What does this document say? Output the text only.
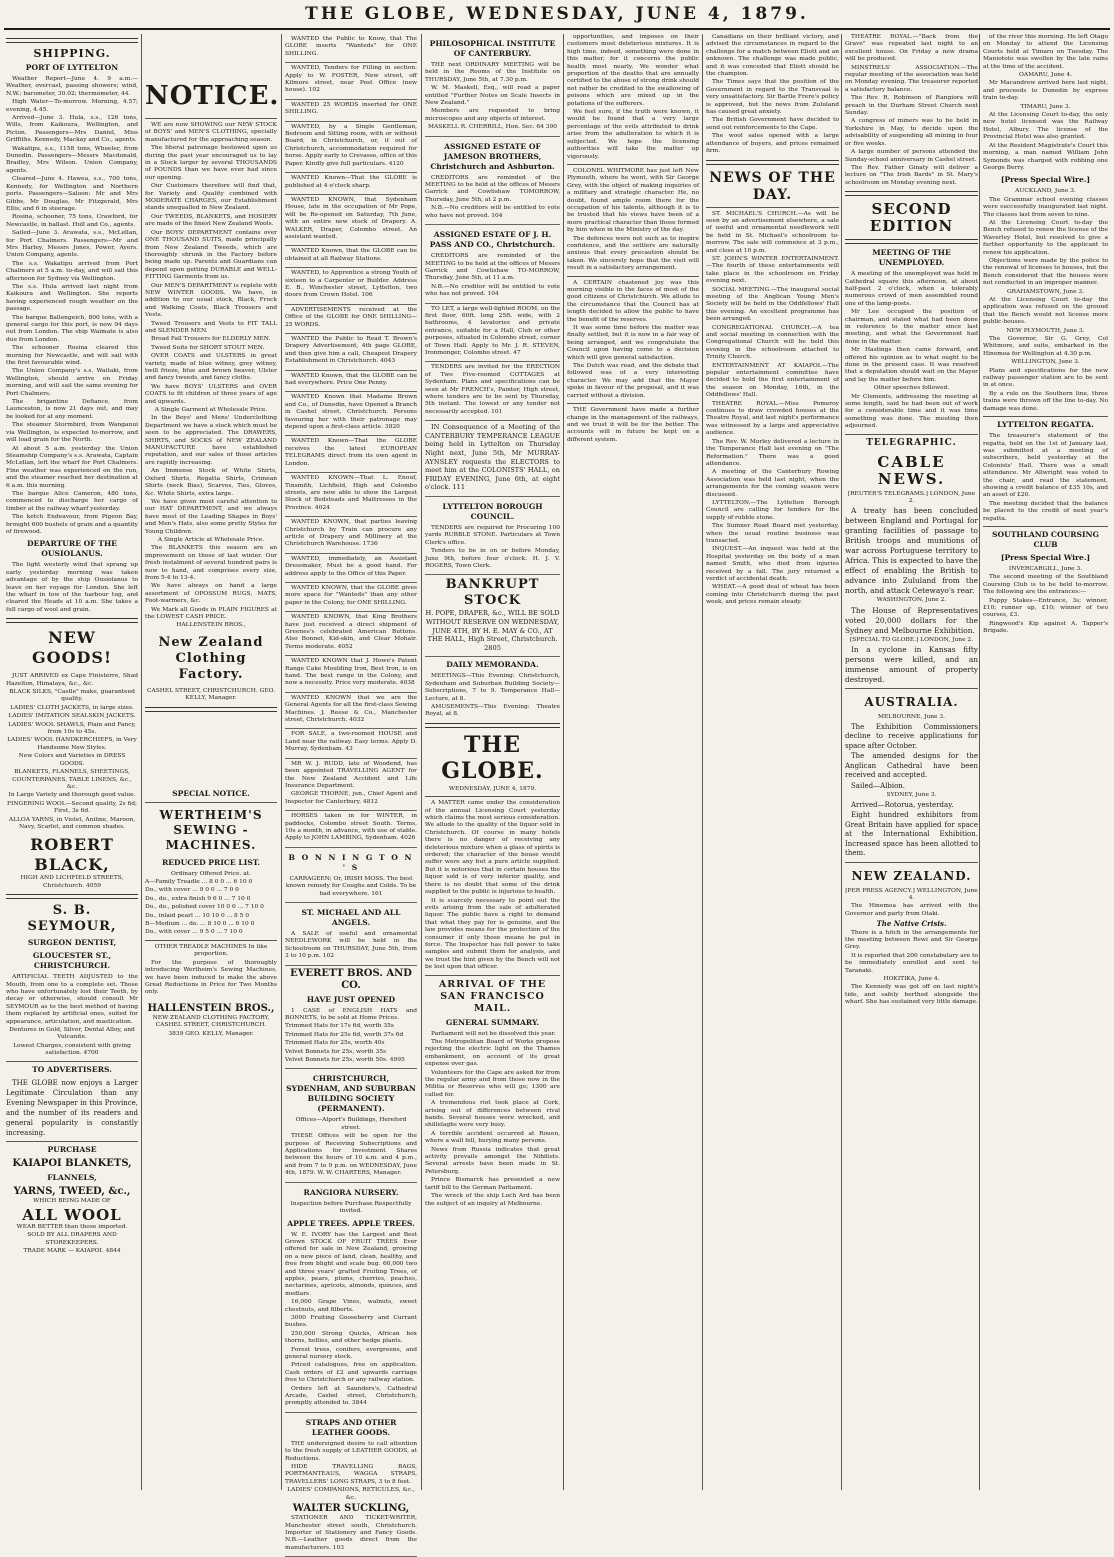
THE GLOBE, WEDNESDAY, JUNE 4, 1879.
SHIPPING.
PORT OF LYTTELTON

Weather Report—June 4. 9 a.m.—Weather, overcast, passing showers; wind, N.W.; barometer, 30.02; thermometer, 44.

High Water—To-morrow. Morning, 4.57; evening, 4.45.

Arrived—June 3. Hula, s.s., 126 tons, Wills, from Kaikoura, Wellington, and Picton. Passengers—Mrs Daniel, Miss Griffiths. Kennedy, Mackay and Co., agents.

Wakatipu, s.s., 1158 tons, Wheeler, from Dunedin. Passengers—Messrs Macdonald, Bradley, Mrs Wilson. Union Company, agents.

Cleared—June 4. Hawea, s.s., 700 tons, Kennedy, for Wellington and Northern ports. Passengers—Saloon: Mr and Mrs Gibbs, Mr Douglas, Mr Fitzgerald, Mrs Ellis; and 6 in steerage.

Rosina, schooner, 75 tons, Crawford, for Newcastle, in ballast. Hull and Co., agents.

Sailed—June 3. Arawata, s.s., McLellan, for Port Chalmers. Passengers—Mr and Mrs Harley, Messrs Jones, Power, Ayers. Union Company, agents.

The s.s. Wakatipu arrived from Port Chalmers at 5 a.m. to-day, and will sail this afternoon for Sydney via Wellington.

The s.s. Hula arrived last night from Kaikoura and Wellington. She reports having experienced rough weather on the passage.

The barque Ballengeich, 800 tons, with a general cargo for this port, is now 94 days out from London. The ship Waimate is also due from London.

The schooner Rosina cleared this morning for Newcastle, and will sail with the first favourable wind.

The Union Company's s.s. Waitaki, from Wellington, should arrive on Friday morning, and will sail the same evening for Port Chalmers.

The brigantine Defiance, from Launceston, is now 21 days out, and may be looked for at any moment.

The steamer Stormbird, from Wanganui via Wellington, is expected to-morrow, and will load grain for the North.

At about 5 a.m. yesterday the Union Steamship Company's s.s. Arawata, Captain McLellan, left the wharf for Port Chalmers. Fine weather was experienced on the run, and the steamer reached her destination at 6 a.m. this morning.

The barque Alice Cameron, 480 tons, commenced to discharge her cargo of timber at the railway wharf yesterday.

The ketch Endeavour, from Pigeon Bay, brought 600 bushels of grain and a quantity of firewood.

DEPARTURE OF THE OUSIOLANUS.

The light westerly wind that sprang up early yesterday morning was taken advantage of by the ship Ousiolanus to leave on her voyage for London. She left the wharf in tow of the harbour tug, and cleared the Heads at 10 a.m. She takes a full cargo of wool and grain.

NEW GOODS!

JUST ARRIVED ex Cape Finisterre, Shad Hazelton, Himalaya, &c., &c.

BLACK SILKS, "Castle" make, guaranteed quality.

LADIES' CLOTH JACKETS, in large sizes.

LADIES' IMITATION SEALSKIN JACKETS.

LADIES' WOOL SHAWLS, Plain and Fancy, from 10s to 45s.

LADIES' WOOL HANDKERCHIEFS, in Very Handsome New Styles.

New Colors and Varieties in DRESS GOODS.

BLANKETS, FLANNELS, SHEETINGS, COUNTERPANES, TABLE LINENS, &c., &c.

In Large Variety and thorough good value.

FINGERING WOOL—Second quality, 2s 6d; First, 3s 6d.

ALLOA YARNS, in Violet, Aniline, Maroon, Navy, Scarlet, and common shades.

ROBERT BLACK,

HIGH AND LICHFIELD STREETS, Christchurch. 4059

S. B. SEYMOUR,
SURGEON DENTIST,
GLOUCESTER ST., CHRISTCHURCH.

ARTIFICIAL TEETH ADJUSTED to the Mouth, from one to a complete set. Those who have unfortunately lost their Teeth, by decay or otherwise, should consult Mr SEYMOUR as to the best method of having them replaced by artificial ones, suited for appearance, articulation, and mastication.

Dentures in Gold, Silver, Dental Alloy, and Vulcanite.

Lowest Charges, consistent with giving satisfaction. 4700

TO ADVERTISERS.

THE GLOBE now enjoys a Larger Legitimate Circulation than any Evening Newspaper in this Province, and the number of its readers and general popularity is constantly increasing.

PURCHASE
KAIAPOI BLANKETS,
FLANNELS,
YARNS, TWEED, &c.,

WHICH BEING MADE OF

ALL WOOL

WEAR BETTER than those imported.

SOLD BY ALL DRAPERS AND STOREKEEPERS.

TRADE MARK — KAIAPOI. 4844

NOTICE.

WE are now SHOWING our NEW STOCK of BOYS' and MEN'S CLOTHING, specially manufactured for the approaching season.

The liberal patronage bestowed upon us during the past year encouraged us to lay in a Stock larger by several THOUSANDS of POUNDS than we have ever had since our opening.

Our Customers therefore will find that, for Variety and Quality combined with MODERATE CHARGES, our Establishment stands unequalled in New Zealand.

Our TWEEDS, BLANKETS, and HOSIERY are made of the finest New Zealand Wools.

Our BOYS' DEPARTMENT contains over ONE THOUSAND SUITS, made principally from New Zealand Tweeds, which are thoroughly shrunk in the Factory before being made up. Parents and Guardians can depend upon getting DURABLE and WELL-FITTING Garments from us.

Our MEN'S DEPARTMENT is replete with NEW WINTER GOODS. We have, in addition to our usual stock, Black, Frock and Walking Coats, Black Trousers and Vests.

Tweed Trousers and Vests to FIT TALL and SLENDER MEN.

Broad Fall Trousers for ELDERLY MEN.

Tweed Suits for SHORT STOUT MEN.

OVER COATS and ULSTERS in great variety, made of blue witney, grey witney, twill frieze, blue and brown beaver, Ulster and fancy tweeds, and fancy cloths.

We have BOYS' ULSTERS and OVER COATS to fit children of three years of age and upwards.

A Single Garment at Wholesale Price.

In the Boys' and Mens' Underclothing Department we have a stock which must be seen to be appreciated. The DRAWERS, SHIRTS, and SOCKS of NEW ZEALAND MANUFACTURE have established reputation, and our sales of those articles are rapidly increasing.

An Immense Stock of White Shirts, Oxford Shirts, Regatta Shirts, Crimean Shirts (neck Bias), Scarves, Ties, Gloves, &c. White Shirts, extra large.

We have given most careful attention to our HAT DEPARTMENT, and we always have most of the Leading Shapes in Boys' and Men's Hats, also some pretty Styles for Young Children.

A Single Article at Wholesale Price.

The BLANKETS this season are an improvement on those of last winter. Our fresh instalment of several hundred pairs is now to hand, and comprises every size, from 5-4 to 13-4.

We have always on hand a large assortment of OPOSSUM RUGS, MATS, Foot-warmers, &c.

We Mark all Goods in PLAIN FIGURES at the LOWEST CASH PRICE.

HALLENSTEIN BROS.,

New Zealand Clothing Factory.

CASHEL STREET, CHRISTCHURCH. GEO. KELLY, Manager.

SPECIAL NOTICE.
WERTHEIM'S SEWING - MACHINES.
REDUCED PRICE LIST.

Ordinary Offered Price. at.

A—Family Treadle ... 8 0 0 ... 6 10 0

Do., with cover ... 9 0 0 ... 7 0 0

Do., do., extra finish 9 6 0 ... 7 10 0

Do., do., polished cover 10 0 0 ... 7 10 0

Do., inlaid pearl ... 10 10 0 ... 8 5 0

B—Medium ... do. ... 8 10 0 ... 6 10 0

Do., with cover ... 9 5 0 ... 7 10 0

OTHER TREADLE MACHINES In like proportion.

For the purpose of thoroughly introducing Wertheim's Sewing Machines, we have been induced to make the above Great Reductions in Price for Two Months only.

HALLENSTEIN BROS.,

NEW ZEALAND CLOTHING FACTORY, CASHEL STREET, CHRISTCHURCH.

3839 GEO. KELLY, Manager.

WANTED the Public to Know, that The GLOBE inserts "Wanteds" for ONE SHILLING.

WANTED, Tenders for Filling in section. Apply to W. FOSTER, New street, off Kilmore street, near Post Office (new house). 102

WANTED 25 WORDS inserted for ONE SHILLING.

WANTED, by a Single Gentleman, Bedroom and Sitting room, with or without Board, in Christchurch, or, if out of Christchurch, accommodation required for horse. Apply early to Crevasse, office of this Paper. Kindly give full particulars. 4120

WANTED Known—That the GLOBE is published at 4 o'clock sharp.

WANTED KNOWN, that Sydenham House, late in the occupation of Mr Pope, will be Re-opened on Saturday, 7th June, with an entire new stock of Drapery. A. WALKER, Draper, Colombo street. An assistant wanted.

WANTED Known, that the GLOBE can be obtained at all Railway Stations.

WANTED, to Apprentice a strong Youth of sixteen to a Carpenter or Builder. Address E. B., Winchester street, Lyttelton, two doors from Crown Hotel. 106

ADVERTISEMENTS received at the Office of the GLOBE for ONE SHILLING—25 WORDS.

WANTED the Public to Read T. Brown's Drapery Advertisement, 4th page GLOBE, and then give him a call, Cheapest Drapery Establishment in Christchurch. 4043

WANTED Known, that the GLOBE can be had everywhere. Price One Penny.

WANTED Known that Madame Brown and Co., of Dunedin, have Opened a Branch in Cashel street, Christchurch. Persons favouring her with their patronage may depend upon a first-class article. 3820

WANTED Known—That the GLOBE receives the latest EUROPEAN TELEGRAMS direct from its own agent in London.

WANTED KNOWN—That L. Enouf, Tinsmith, Lichfield, High and Colombo streets, are now able to show the Largest Stock of Bedsteads and Mattresses in the Province. 4024

WANTED KNOWN, that parties leaving Christchurch by Train can procure any article of Drapery and Millinery at the Christchurch Warehouse. 1736

WANTED, immediately, an Assistant Dressmaker, Must be a good hand. For address apply to the Office of this Paper.

WANTED KNOWN, that the GLOBE gives more space for "Wanteds" than any other paper in the Colony, for ONE SHILLING.

WANTED KNOWN, that King Brothers have just received a direct shipment of Greenes's celebrated American Buttons. Also Bonnet, Kid-skin, and Clear Mohair. Terms moderate. 4052

WANTED KNOWN that J. Howe's Patent Range Cake Moulding Iron, Best Iron, is on hand. The best range in the Colony, and now a necessity. Price very moderate. 4038

WANTED KNOWN that we are the General Agents for all the first-class Sewing Machines. J. Reese & Co., Manchester street, Christchurch. 4032

FOR SALE, a two-roomed HOUSE and Land near the railway. Easy terms. Apply D. Murray, Sydenham. 43

MR W. J. RUDD, late of Woodend, has been appointed TRAVELLING AGENT for the New Zealand Accident and Life Insurance Department.

GEORGE THORNE, jun., Chief Agent and Inspector for Canterbury. 4812

HORSES taken in for WINTER, in paddocks, Colombo street South. Terms, 10s a month, in advance, with use of stable. Apply to JOHN LAMBING, Sydenham. 4026

B O N N I N G T O N ' S

CARRAGEEN; Or, IRISH MOSS. The best known remedy for Coughs and Colds. To be had everywhere. 161

ST. MICHAEL AND ALL ANGELS.

A SALE of useful and ornamental NEEDLEWORK will be held in the Schoolroom on THURSDAY, June 5th, from 3 to 10 p.m. 102

EVERETT BROS. AND CO.
HAVE JUST OPENED

1 CASE of ENGLISH HATS and BONNETS, to be sold at Home Prices.

Trimmed Hats for 17s 6d, worth 35s

Trimmed Hats for 25s 6d, worth 37s 6d

Trimmed Hats for 25s, worth 40s

Velvet Bonnets for 25s, worth 35s

Velvet Bonnets for 25s, worth 50s. 4995

CHRISTCHURCH, SYDENHAM, AND SUBURBAN BUILDING SOCIETY (PERMANENT).

Offices—Alport's Buildings, Hereford street.

THESE Offices will be open for the purpose of Receiving Subscriptions and Applications for Investment Shares between the hours of 10 a.m. and 4 p.m., and from 7 to 9 p.m. on WEDNESDAY, June 4th, 1879. W. W. CHARTERS, Manager.

RANGIORA NURSERY.

Inspection before Purchase Respectfully invited.

APPLE TREES. APPLE TREES.

W. E. IVORY has the Largest and Best Grown STOCK OF FRUIT TREES Ever offered for sale in New Zealand, growing on a new piece of land, clean, healthy, and free from blight and scale bug. 60,000 two and three years' grafted Fruiting Trees, of apples, pears, plums, cherries, peaches, nectarines, apricots, almonds, quinces, and medlars.

16,000 Grape Vines, walnuts, sweet chestnuts, and filberts.

3000 Fruiting Gooseberry and Currant bushes.

250,000 Strong Quicks, African box thorns, hollies, and other hedge plants.

Forest trees, conifers, evergreens, and general nursery stock.

Priced catalogues, free on application. Cash orders of £2 and upwards carriage free to Christchurch or any railway station.

Orders left at Saunders's, Cathedral Arcade, Cashel street, Christchurch, promptly attended to. 3844

STRAPS AND OTHER LEATHER GOODS.

THE undersigned desire to call attention to the fresh supply of LEATHER GOODS, at Reductions.

HIDE TRAVELLING BAGS, PORTMANTEAUS, WAGGA STRAPS, TRAVELLERS' LONG STRAPS, 3 to 8 feet.

LADIES' COMPANIONS, RETICULES, &c., &c.

WALTER SUCKLING,

STATIONER AND TICKET-WRITER, Manchester street south, Christchurch. Importer of Stationery and Fancy Goods. N.B.—Leather goods direct from the manufacturers. 103

PHILOSOPHICAL INSTITUTE OF CANTERBURY.

THE next ORDINARY MEETING will be held in the Rooms of the Institute on THURSDAY, June 5th, at 7.30 p.m.

W. M. Maskell, Esq., will read a paper entitled "Further Notes on Scale Insects in New Zealand."

Members are requested to bring microscopes and any objects of interest.

MASKELL R. CHERRILL, Hon. Sec. 64 390

ASSIGNED ESTATE OF JAMESON BROTHERS, Christchurch and Ashburton.

CREDITORS are reminded of the MEETING to be held at the offices of Messrs Garrick and Cowlishaw TOMORROW, Thursday, June 5th, at 2 p.m.

N.B.—No creditors will be entitled to vote who have not proved. 104

ASSIGNED ESTATE OF J. H. PASS AND CO., Christchurch.

CREDITORS are reminded of the MEETING to be held at the offices of Messrs Garrick and Cowlishaw TO-MORROW, Thursday, June 5th, at 11 a.m.

N.B.—No creditor will be entitled to vote who has not proved. 104

TO LET, a large well-lighted ROOM, on the first floor, 60ft. long 25ft. wide, with 2 bathrooms, 4 lavatories and private entrance, suitable for a Hall, Club or other purposes, situated in Colombo street, corner of Town Hall. Apply to Mr. J. R. STEVEN, Ironmonger, Colombo street. 47

TENDERS are invited for the ERECTION of Two Five-roomed COTTAGES at Sydenham. Plans and specifications can be seen at Mr FRENCH's, Painter, High street, where tenders are to be sent by Thursday, 5th instant. The lowest or any tender not necessarily accepted. 101

IN Consequence of a Meeting of the CANTERBURY TEMPERANCE LEAGUE being held in Lyttelton on Thursday Night next, June 5th, Mr MURRAY-AYNSLEY requests the ELECTORS to meet him at the COLONISTS' HALL, on FRIDAY EVENING, June 6th, at eight o'clock. 111

LYTTELTON BOROUGH COUNCIL.

TENDERS are required for Procuring 100 yards RUBBLE STONE. Particulars at Town Clerk's office.

Tenders to be in on or before Monday, June 9th, before four o'clock. H. J. V. ROGERS, Town Clerk.

BANKRUPT STOCK

H. POPE, DRAPER, &c., WILL BE SOLD WITHOUT RESERVE ON WEDNESDAY, JUNE 4TH, BY H. E. MAY & CO., AT THE HALL, High Street, Christchurch. 2805

DAILY MEMORANDA.

MEETINGS—This Evening: Christchurch, Sydenham and Suburban Building Society—Subscriptions, 7 to 9. Temperance Hall—Lecture, at 8.

AMUSEMENTS—This Evening: Theatre Royal, at 8.

THE GLOBE.

WEDNESDAY, JUNE 4, 1879.

A MATTER came under the consideration of the annual Licensing Court yesterday which claims the most serious consideration. We allude to the quality of the liquor sold in Christchurch. Of course in many hotels there is no danger of receiving any deleterious mixture when a glass of spirits is ordered; the character of the house would suffer were any but a pure article supplied. But it is notorious that in certain houses the liquor sold is of very inferior quality, and there is no doubt that some of the drink supplied to the public is injurious to health.

It is scarcely necessary to point out the evils arising from the sale of adulterated liquor. The public have a right to demand that what they pay for is genuine, and the law provides means for the protection of the consumer if only those means be put in force. The Inspector has full power to take samples and submit them for analysis, and we trust the hint given by the Bench will not be lost upon that officer.

ARRIVAL OF THE SAN FRANCISCO MAIL.
GENERAL SUMMARY.

Parliament will not be dissolved this year.

The Metropolitan Board of Works propose rejecting the electric light on the Thames embankment, on account of its great expense over gas.

Volunteers for the Cape are asked for from the regular army and from those now in the Militia or Reserves who will go; 1300 are called for.

A tremendous riot took place at Cork, arising out of differences between rival bands. Several houses were wrecked, and shillelaghs were very busy.

A terrible accident occurred at Rouen, where a wall fell, burying many persons.

News from Russia indicates that great activity prevails amongst the Nihilists. Several arrests have been made in St. Petersburg.

Prince Bismarck has presented a new tariff bill to the German Parliament.

The wreck of the ship Loch Ard has been the subject of an inquiry at Melbourne.

opportunities, and imposes on their customers most deleterious mixtures. It is high time, indeed, something were done in this matter, for it concerns the public health most nearly. We wonder what proportion of the deaths that are annually certified to the abuse of strong drink should not rather be credited to the swallowing of poisons which are mixed up in the potations of the sufferers.

We feel sure, if the truth were known, it would be found that a very large percentage of the evils attributed to drink arise from the adulteration to which it is subjected. We hope the licensing authorities will take the matter up vigorously.

COLONEL WHITMORE has just left New Plymouth, where he went, with Sir George Grey, with the object of making inquiries of a military and strategic character. He, no doubt, found ample room there for the occupation of his talents, although it is to be trusted that his views have been of a more practical character than those formed by him when in the Ministry of the day.

The defences were not such as to inspire confidence, and the settlers are naturally anxious that every precaution should be taken. We sincerely hope that the visit will result in a satisfactory arrangement.

A CERTAIN chastened joy was this morning visible in the faces of most of the good citizens of Christchurch. We allude to the circumstance that the Council has at length decided to allow the public to have the benefit of the reserves.

It was some time before the matter was finally settled, but it is now in a fair way of being arranged, and we congratulate the Council upon having come to a decision which will give general satisfaction.

The Dutch was read, and the debate that followed was of a very interesting character. We may add that the Mayor spoke in favour of the proposal, and it was carried without a division.

THE Government have made a further change in the management of the railways, and we trust it will be for the better. The accounts will in future be kept on a different system.

Canadians on their brilliant victory, and advised the circumstances in regard to the challenge for a match between Eliott and an unknown. The challenge was made public, and it was conceded that Eliott should be the champion.

The Times says that the position of the Government in regard to the Transvaal is very unsatisfactory. Sir Bartle Frere's policy is approved, but the news from Zululand has caused great anxiety.

The British Government have decided to send out reinforcements to the Cape.

The wool sales opened with a large attendance of buyers, and prices remained firm.

NEWS OF THE DAY.

ST. MICHAEL'S CHURCH.—As will be seen by an advertisement elsewhere, a sale of useful and ornamental needlework will be held in St. Michael's schoolroom to-morrow. The sale will commence at 3 p.m., and close at 10 p.m.

ST. JOHN'S WINTER ENTERTAINMENT.—The fourth of these entertainments will take place in the schoolroom on Friday evening next.

SOCIAL MEETING.—The inaugural social meeting of the Anglican Young Men's Society will be held in the Oddfellows' Hall this evening. An excellent programme has been arranged.

CONGREGATIONAL CHURCH.—A tea and social meeting in connection with the Congregational Church will be held this evening in the schoolroom attached to Trinity Church.

ENTERTAINMENT AT KAIAPOI.—The popular entertainment committee have decided to hold the first entertainment of the season on Monday, 16th, in the Oddfellows' Hall.

THEATRE ROYAL.—Miss Pomeroy continues to draw crowded houses at the Theatre Royal, and last night's performance was witnessed by a large and appreciative audience.

The Rev. W. Morley delivered a lecture in the Temperance Hall last evening on "The Reformation." There was a good attendance.

A meeting of the Canterbury Rowing Association was held last night, when the arrangements for the coming season were discussed.

LYTTELTON.—The Lyttelton Borough Council are calling for tenders for the supply of rubble stone.

The Sumner Road Board met yesterday, when the usual routine business was transacted.

INQUEST.—An inquest was held at the Hospital yesterday on the body of a man named Smith, who died from injuries received by a fall. The jury returned a verdict of accidental death.

WHEAT.—A good deal of wheat has been coming into Christchurch during the past week, and prices remain steady.

THEATRE ROYAL.—"Back from the Grave" was repeated last night to an excellent house. On Friday a new drama will be produced.

MINSTRELS' ASSOCIATION.—The regular meeting of the association was held on Monday evening. The treasurer reported a satisfactory balance.

The Rev. R. Robinson of Rangiora will preach in the Durham Street Church next Sunday.

A congress of miners was to be held in Yorkshire in May, to decide upon the advisability of suspending all mining in four or five weeks.

A large number of persons attended the Sunday-school anniversary in Cashel street.

The Rev. Father Ginaty will deliver a lecture on "The Irish Bards" in St. Mary's schoolroom on Monday evening next.

SECOND EDITION
MEETING OF THE UNEMPLOYED.

A meeting of the unemployed was held in Cathedral square this afternoon, at about half-past 2 o'clock, when a tolerably numerous crowd of men assembled round one of the lamp-posts.

Mr Lee occupied the position of chairman, and stated what had been done in reference to the matter since last meeting, and what the Government had done in the matter.

Mr Hastings then came forward, and offered his opinion as to what ought to be done in the present case. It was resolved that a deputation should wait on the Mayor and lay the matter before him.

Other speeches followed.

Mr Clements, addressing the meeting at some length, said he had been out of work for a considerable time and it was time something was done. The meeting then adjourned.

TELEGRAPHIC.
CABLE NEWS.

[REUTER'S TELEGRAMS.] LONDON, June 2.

A treaty has been concluded between England and Portugal for granting facilities of passage to British troops and munitions of war across Portuguese territory to Africa. This is expected to have the effect of enabling the British to advance into Zululand from the north, and attack Cetewayo's rear.

WASHINGTON, June 2.

The House of Representatives voted 20,000 dollars for the Sydney and Melbourne Exhibition.

[SPECIAL TO GLOBE.] LONDON, June 2.

In a cyclone in Kansas fifty persons were killed, and an immense amount of property destroyed.

AUSTRALIA.

MELBOURNE, June 3.

The Exhibition Commissioners decline to receive applications for space after October.

The amended designs for the Anglican Cathedral have been received and accepted.

Sailed—Albion.

SYDNEY, June 3.

Arrived—Rotorua, yesterday.

Eight hundred exhibitors from Great Britain have applied for space at the International Exhibition. Increased space has been allotted to them.

NEW ZEALAND.

[PER PRESS AGENCY.] WELLINGTON, June 4.

The Hinemoa has arrived with the Governor and party from Otaki.

The Native Crisis.

There is a hitch in the arrangements for the meeting between Rewi and Sir George Grey.

It is reported that 200 constabulary are to be immediately enrolled and sent to Taranaki.

HOKITIKA, June 4.

The Kennedy was got off on last night's tide, and safely berthed alongside the wharf. She has sustained very little damage.

of the river this morning. He left Otago on Monday to attend the Licensing Courts held at Timaru on Tuesday. The Maniototo was swollen by the late rains at the time of the accident.

OAMARU, June 4.

Mr Macandrew arrived here last night, and proceeds to Dunedin by express train to-day.

TIMARU, June 3.

At the Licensing Court to-day, the only new hotel licensed was the Railway Hotel, Albury. The license of the Provincial Hotel was also granted.

At the Resident Magistrate's Court this morning, a man named William John Symonds was charged with robbing one George Berry.

[Press Special Wire.]

AUCKLAND, June 3.

The Grammar school evening classes were successfully inaugurated last night. The classes last from seven to nine.

At the Licensing Court to-day the Bench refused to renew the license of the Waverley Hotel, but resolved to give a further opportunity to the applicant to renew his application.

Objections were made by the police to the renewal of licenses to houses, but the Bench considered that the houses were not conducted in an improper manner.

GRAHAMSTOWN, June 3.

At the Licensing Court to-day the application was refused on the ground that the Bench would not license more public-houses.

NEW PLYMOUTH, June 3.

The Governor, Sir G. Grey, Col Whitmore, and suite, embarked in the Hinemoa for Wellington at 4.30 p.m.

WELLINGTON, June 3.

Plans and specifications for the new railway passenger station are to be sent in at once.

By a rule on the Southern line, three trains were thrown off the line to-day. No damage was done.

LYTTELTON REGATTA.

The treasurer's statement of the regatta, held on the 1st of January last, was submitted at a meeting of subscribers, held yesterday at the Colonists' Hall. There was a small attendance. Mr Allwright was voted to the chair, and read the statement, showing a credit balance of £35 10s, and an asset of £20.

The meeting decided that the balance be placed to the credit of next year's regatta.

SOUTHLAND COURSING CLUB
[Press Special Wire.]

INVERCARGILL, June 3.

The second meeting of the Southland Coursing Club is to be held to-morrow. The following are the entrances:—

Puppy Stakes—Entrance, 3s; winner, £10; runner up, £10; winner of two courses, £3.

Ringwood's Kip against A. Tapper's Brigade.
